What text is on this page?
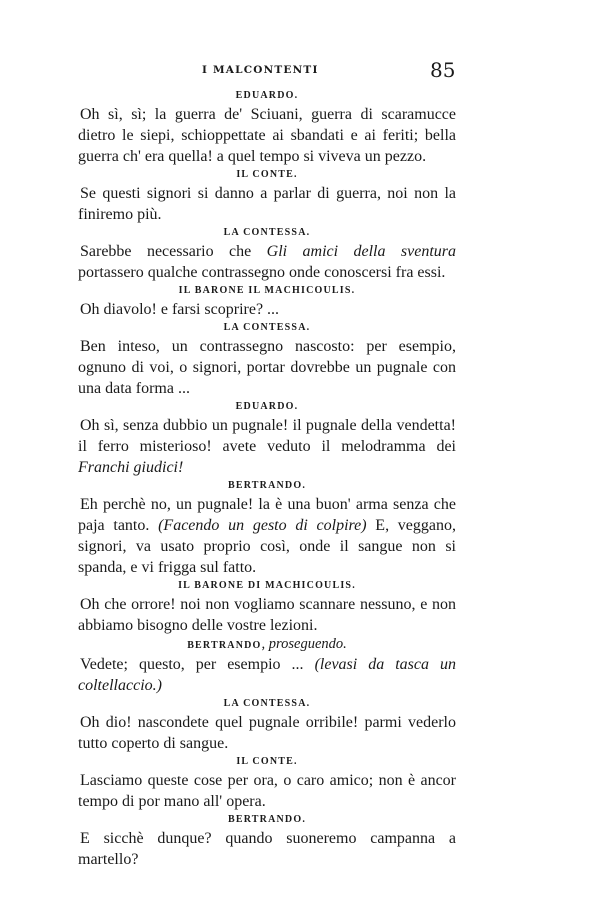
I MALCONTENTI	85
EDUARDO.

Oh sì, sì; la guerra de' Sciuani, guerra di scaramucce dietro le siepi, schioppettate ai sbandati e ai feriti; bella guerra ch' era quella! a quel tempo si viveva un pezzo.

IL CONTE.

Se questi signori si danno a parlar di guerra, noi non la finiremo più.

LA CONTESSA.

Sarebbe necessario che Gli amici della sventura portassero qualche contrassegno onde conoscersi fra essi.

IL BARONE IL MACHICOULIS.

Oh diavolo! e farsi scoprire? ...

LA CONTESSA.

Ben inteso, un contrassegno nascosto: per esempio, ognuno di voi, o signori, portar dovrebbe un pugnale con una data forma ...

EDUARDO.

Oh sì, senza dubbio un pugnale! il pugnale della vendetta! il ferro misterioso! avete veduto il melodramma dei Franchi giudici!

BERTRANDO.

Eh perchè no, un pugnale! la è una buon' arma senza che paja tanto. (Facendo un gesto di colpire) E, veggano, signori, va usato proprio così, onde il sangue non si spanda, e vi frigga sul fatto.

IL BARONE DI MACHICOULIS.

Oh che orrore! noi non vogliamo scannare nessuno, e non abbiamo bisogno delle vostre lezioni.

BERTRANDO, proseguendo.

Vedete; questo, per esempio ... (levasi da tasca un coltellaccio.)

LA CONTESSA.

Oh dio! nascondete quel pugnale orribile! parmi vederlo tutto coperto di sangue.

IL CONTE.

Lasciamo queste cose per ora, o caro amico; non è ancor tempo di por mano all' opera.

BERTRANDO.

E sicchè dunque? quando suoneremo campanna a martello?
